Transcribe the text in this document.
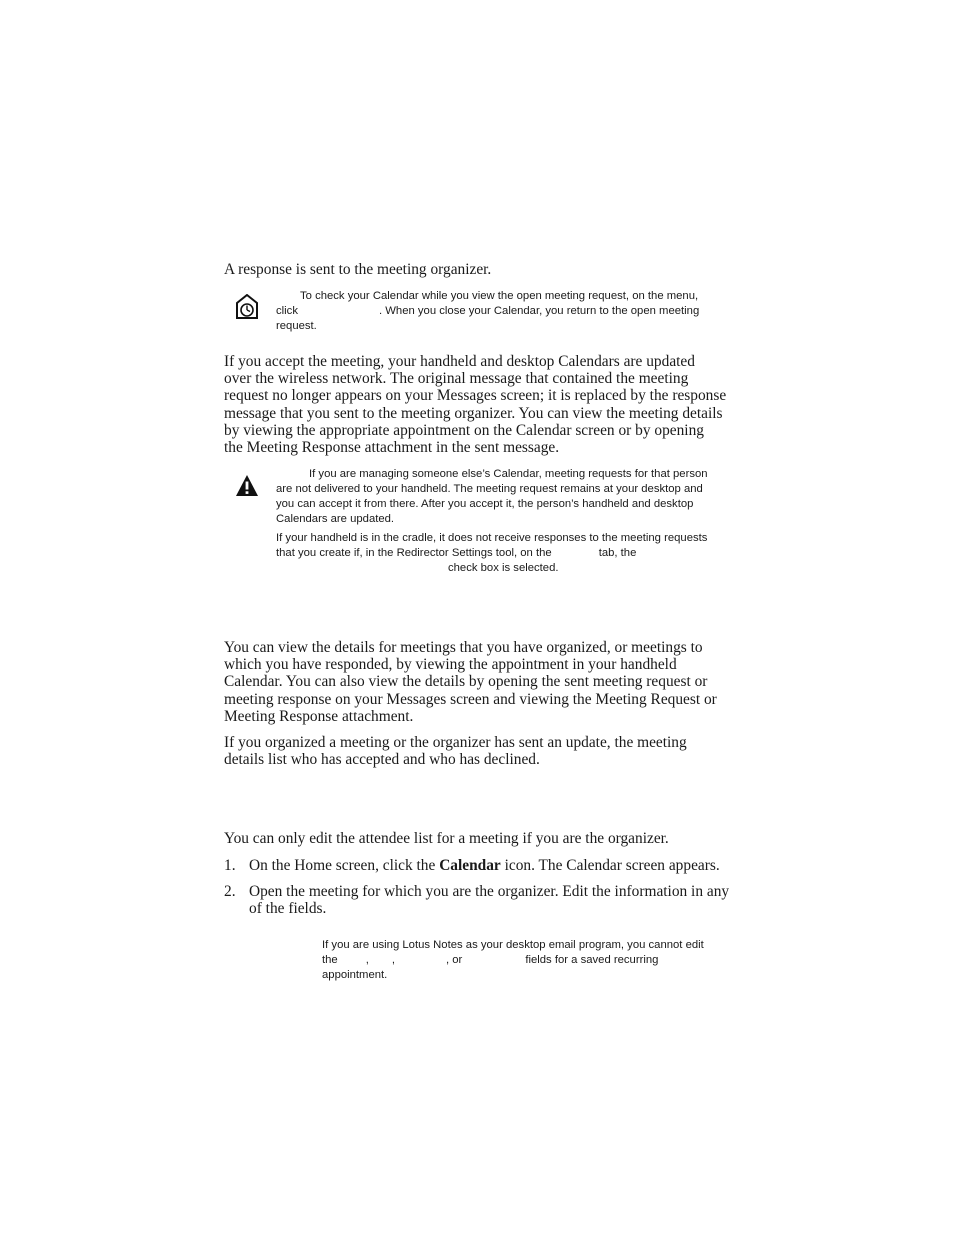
A response is sent to the meeting organizer.
To check your Calendar while you view the open meeting request, on the menu,
click	. When you close your Calendar, you return to the open meeting
request.
If you accept the meeting, your handheld and desktop Calendars are updated
over the wireless network. The original message that contained the meeting
request no longer appears on your Messages screen; it is replaced by the response
message that you sent to the meeting organizer. You can view the meeting details
by viewing the appropriate appointment on the Calendar screen or by opening
the Meeting Response attachment in the sent message.
If you are managing someone else’s Calendar, meeting requests for that person
are not delivered to your handheld. The meeting request remains at your desktop and
you can accept it from there. After you accept it, the person’s handheld and desktop
Calendars are updated.
If your handheld is in the cradle, it does not receive responses to the meeting requests
that you create if, in the Redirector Settings tool, on the	tab, the
check box is selected.
You can view the details for meetings that you have organized, or meetings to
which you have responded, by viewing the appointment in your handheld
Calendar. You can also view the details by opening the sent meeting request or
meeting response on your Messages screen and viewing the Meeting Request or
Meeting Response attachment.
If you organized a meeting or the organizer has sent an update, the meeting
details list who has accepted and who has declined.
You can only edit the attendee list for a meeting if you are the organizer.
1. On the Home screen, click the Calendar icon. The Calendar screen appears.
2. Open the meeting for which you are the organizer. Edit the information in any
of the fields.
If you are using Lotus Notes as your desktop email program, you cannot edit
the , ,	, or	fields for a saved recurring
appointment.
